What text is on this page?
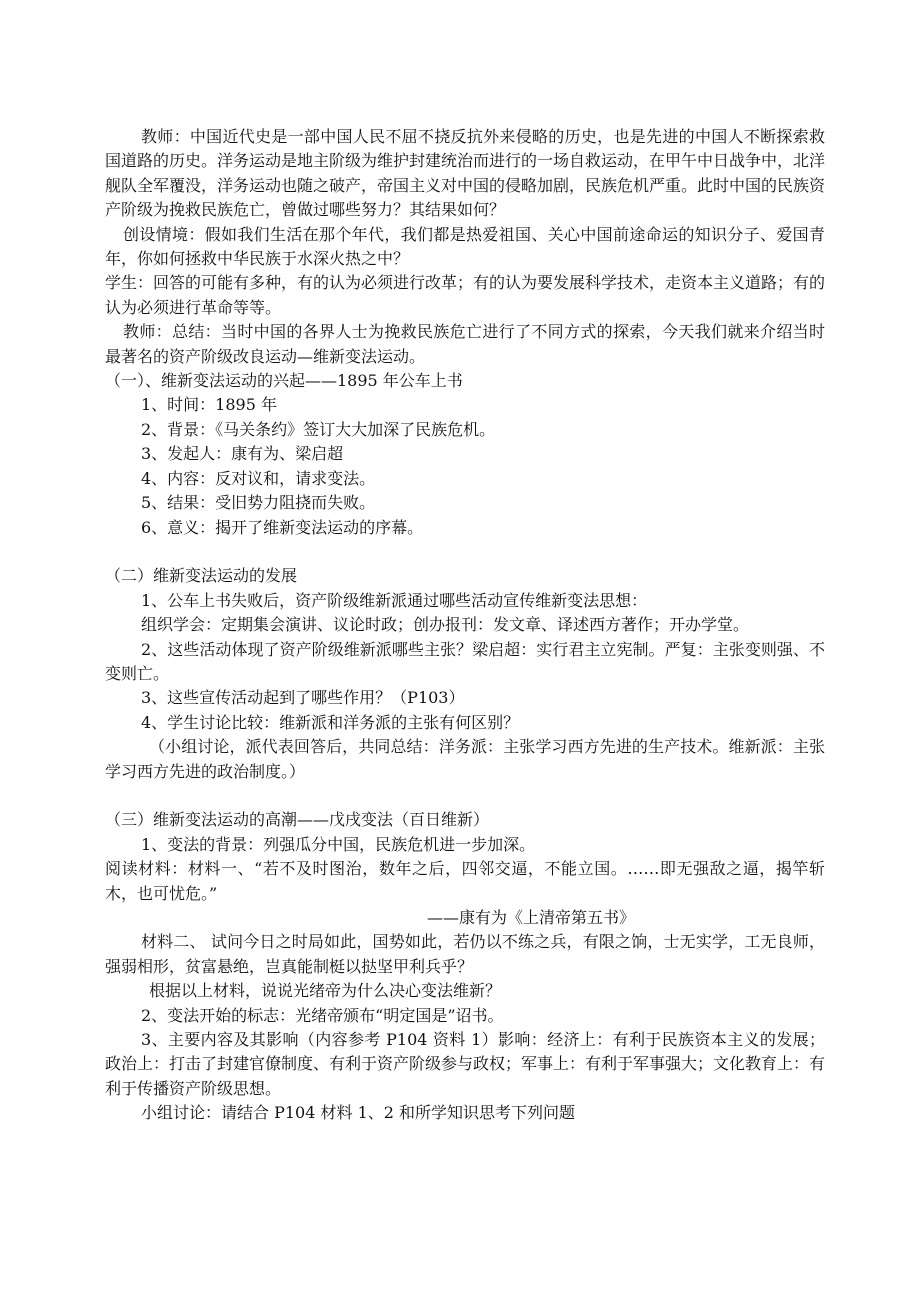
教师：中国近代史是一部中国人民不屈不挠反抗外来侵略的历史，也是先进的中国人不断探索救国道路的历史。洋务运动是地主阶级为维护封建统治而进行的一场自救运动，在甲午中日战争中，北洋舰队全军覆没，洋务运动也随之破产，帝国主义对中国的侵略加剧，民族危机严重。此时中国的民族资产阶级为挽救民族危亡，曾做过哪些努力？其结果如何？

创设情境：假如我们生活在那个年代，我们都是热爱祖国、关心中国前途命运的知识分子、爱国青年，你如何拯救中华民族于水深火热之中？

学生：回答的可能有多种，有的认为必须进行改革；有的认为要发展科学技术，走资本主义道路；有的认为必须进行革命等等。

教师：总结：当时中国的各界人士为挽救民族危亡进行了不同方式的探索，今天我们就来介绍当时最著名的资产阶级改良运动—维新变法运动。

（一）、维新变法运动的兴起——1895 年公车上书

1、时间：1895 年

2、背景：《马关条约》签订大大加深了民族危机。

3、发起人：康有为、梁启超

4、内容：反对议和，请求变法。

5、结果：受旧势力阻挠而失败。

6、意义：揭开了维新变法运动的序幕。

（二）维新变法运动的发展

1、公车上书失败后，资产阶级维新派通过哪些活动宣传维新变法思想：

组织学会：定期集会演讲、议论时政；创办报刊：发文章、译述西方著作；开办学堂。

2、这些活动体现了资产阶级维新派哪些主张？梁启超：实行君主立宪制。严复：主张变则强、不变则亡。

3、这些宣传活动起到了哪些作用？（P103）

4、学生讨论比较：维新派和洋务派的主张有何区别？

（小组讨论，派代表回答后，共同总结：洋务派：主张学习西方先进的生产技术。维新派：主张学习西方先进的政治制度。）

（三）维新变法运动的高潮——戊戌变法（百日维新）

1、变法的背景：列强瓜分中国，民族危机进一步加深。

阅读材料：材料一、“若不及时图治，数年之后，四邻交逼，不能立国。……即无强敌之逼，揭竿斩木，也可忧危。”

——康有为《上清帝第五书》

材料二、 试问今日之时局如此，国势如此，若仍以不练之兵，有限之饷，士无实学，工无良师，强弱相形，贫富悬绝，岂真能制梃以挞坚甲利兵乎？

根据以上材料，说说光绪帝为什么决心变法维新？

2、变法开始的标志：光绪帝颁布“明定国是”诏书。

3、主要内容及其影响（内容参考 P104 资料 1）影响：经济上：有利于民族资本主义的发展；政治上：打击了封建官僚制度、有利于资产阶级参与政权；军事上：有利于军事强大；文化教育上：有利于传播资产阶级思想。

小组讨论：请结合 P104 材料 1、2 和所学知识思考下列问题
